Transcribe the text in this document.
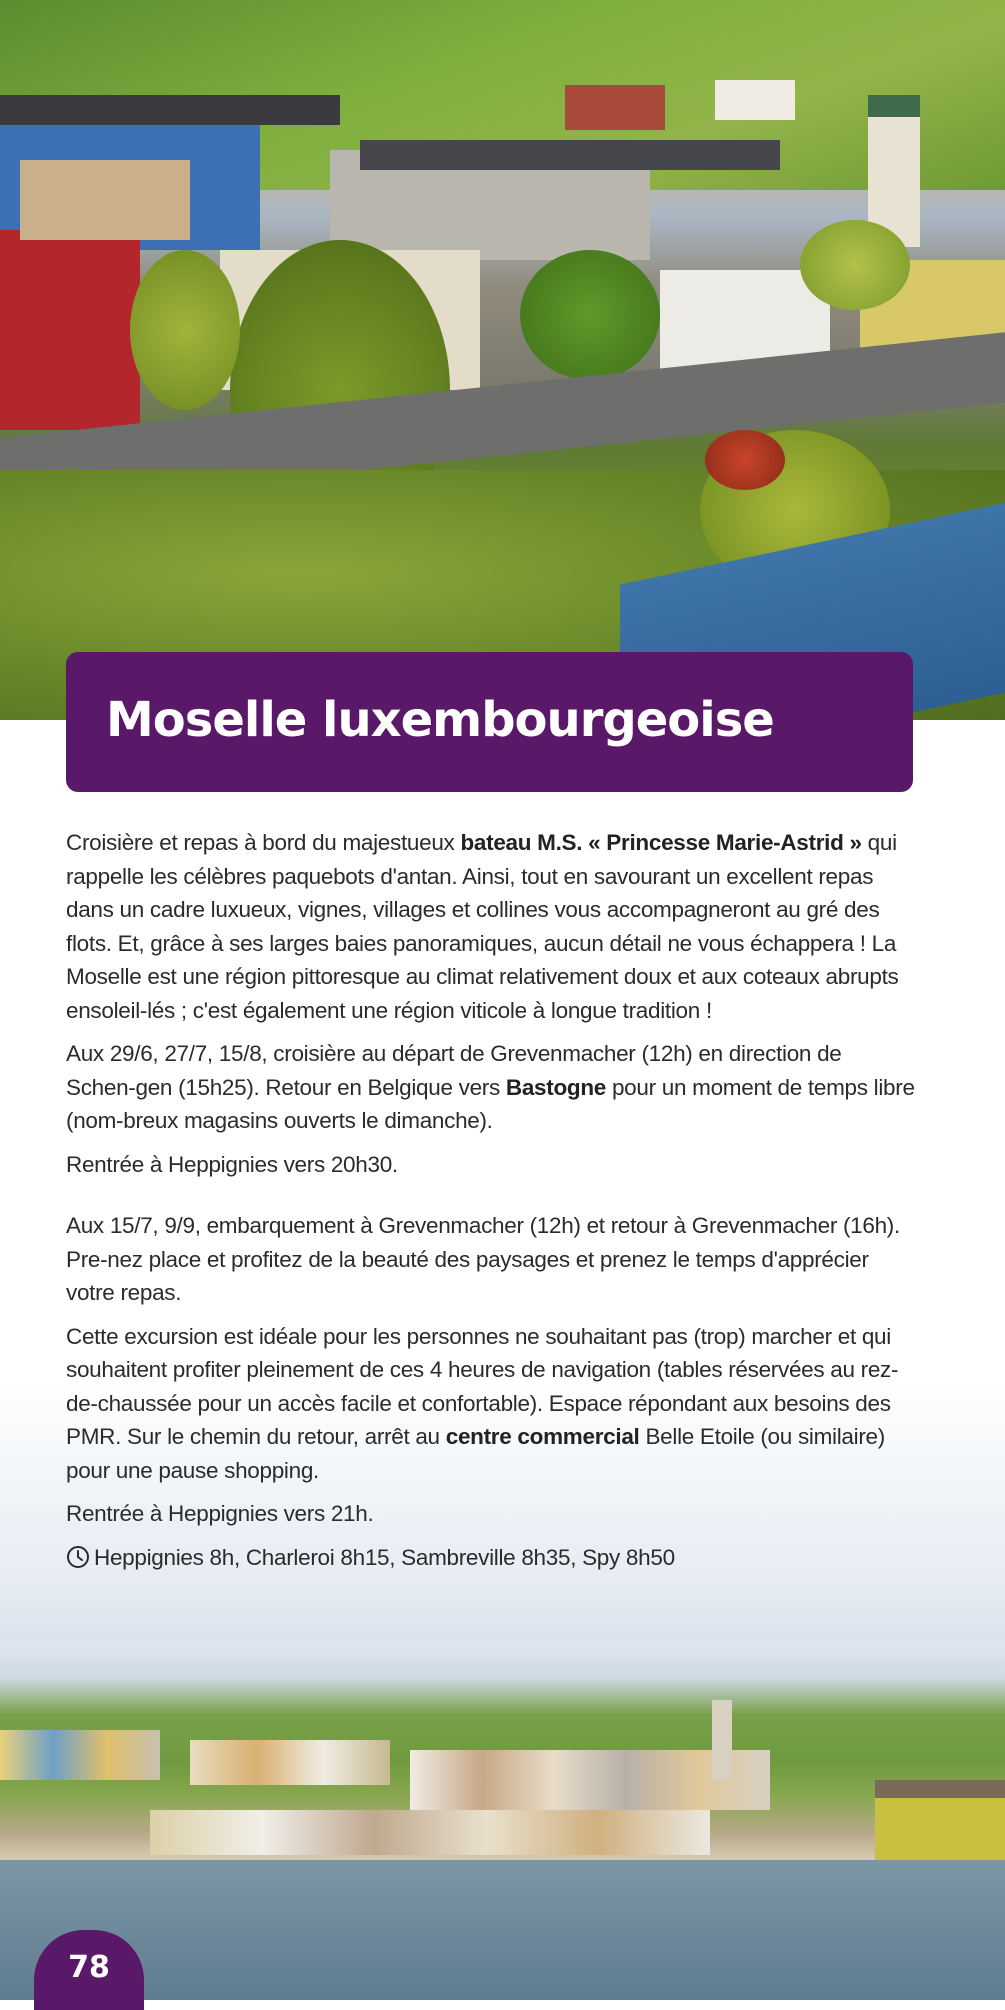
Moselle luxembourgeoise

Croisière et repas à bord du majestueux bateau M.S. « Princesse Marie-Astrid » qui rappelle les célèbres paquebots d'antan. Ainsi, tout en savourant un excellent repas dans un cadre luxueux, vignes, villages et collines vous accompagneront au gré des flots. Et, grâce à ses larges baies panoramiques, aucun détail ne vous échappera ! La Moselle est une région pittoresque au climat relativement doux et aux coteaux abrupts ensoleil-lés ; c'est également une région viticole à longue tradition !

Aux 29/6, 27/7, 15/8, croisière au départ de Grevenmacher (12h) en direction de Schen-gen (15h25). Retour en Belgique vers Bastogne pour un moment de temps libre (nom-breux magasins ouverts le dimanche).

Rentrée à Heppignies vers 20h30.

Aux 15/7, 9/9, embarquement à Grevenmacher (12h) et retour à Grevenmacher (16h). Pre-nez place et profitez de la beauté des paysages et prenez le temps d'apprécier votre repas.

Cette excursion est idéale pour les personnes ne souhaitant pas (trop) marcher et qui souhaitent profiter pleinement de ces 4 heures de navigation (tables réservées au rez-de-chaussée pour un accès facile et confortable). Espace répondant aux besoins des PMR. Sur le chemin du retour, arrêt au centre commercial Belle Etoile (ou similaire) pour une pause shopping.

Rentrée à Heppignies vers 21h.

Heppignies 8h, Charleroi 8h15, Sambreville 8h35, Spy 8h50
78
